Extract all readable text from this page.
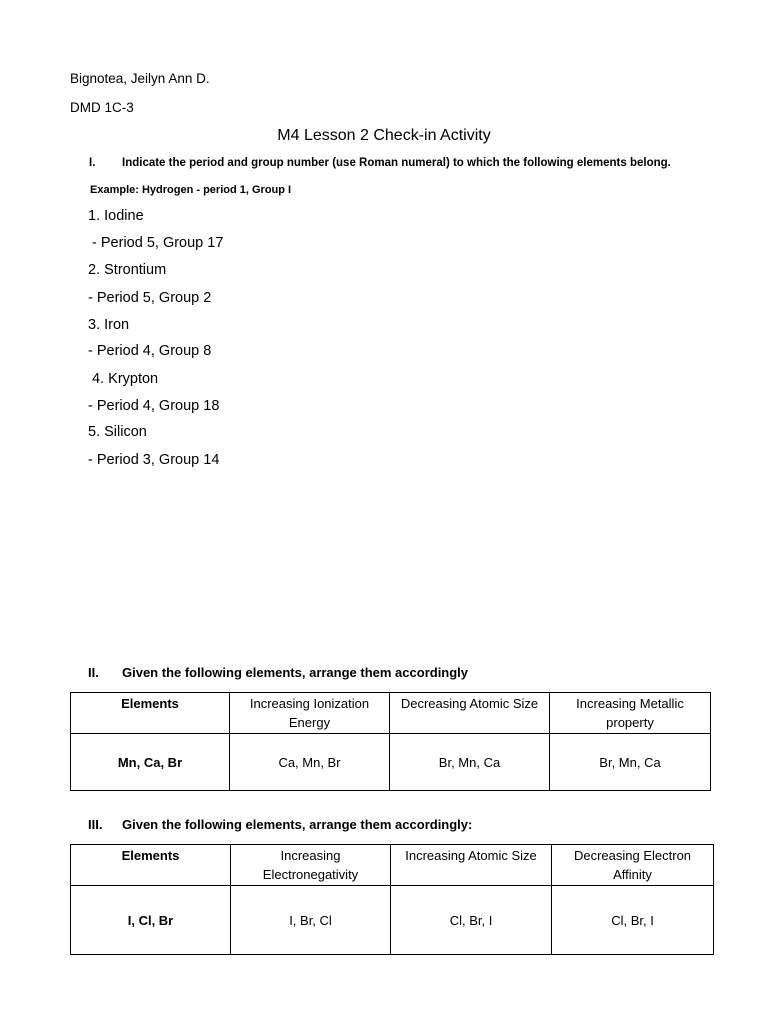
Bignotea, Jeilyn Ann D.
DMD 1C-3
M4 Lesson 2 Check-in Activity
I. Indicate the period and group number (use Roman numeral) to which the following elements belong.
Example: Hydrogen - period 1, Group I
1. Iodine
- Period 5, Group 17
2. Strontium
- Period 5, Group 2
3. Iron
- Period 4, Group 8
4. Krypton
- Period 4, Group 18
5. Silicon
- Period 3, Group 14
II. Given the following elements, arrange them accordingly
Elements	Increasing Ionization Energy	Decreasing Atomic Size	Increasing Metallic property
Mn, Ca, Br	Ca, Mn, Br	Br, Mn, Ca	Br, Mn, Ca
III. Given the following elements, arrange them accordingly:
Elements	Increasing Electronegativity	Increasing Atomic Size	Decreasing Electron Affinity
I, Cl, Br	I, Br, Cl	Cl, Br, I	Cl, Br, I
